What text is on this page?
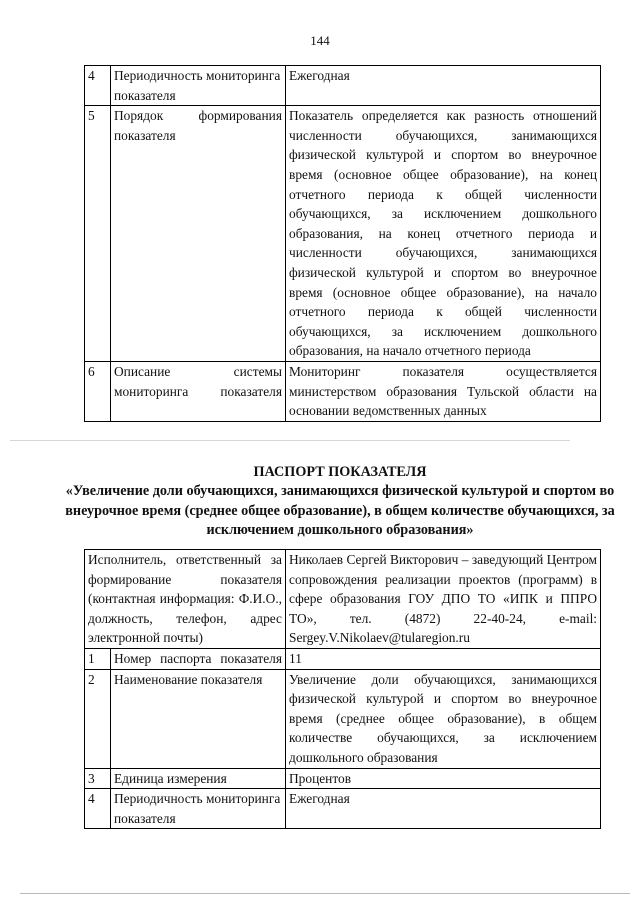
144
4	Периодичность мониторинга показателя	Ежегодная
5	Порядок формирования показателя	Показатель определяется как разность отношений численности обучающихся, занимающихся физической культурой и спортом во внеурочное время (основное общее образование), на конец отчетного периода к общей численности обучающихся, за исключением дошкольного образования, на конец отчетного периода и численности обучающихся, занимающихся физической культурой и спортом во внеурочное время (основное общее образование), на начало отчетного периода к общей численности обучающихся, за исключением дошкольного образования, на начало отчетного периода
6	Описание системы мониторинга показателя	Мониторинг показателя осуществляется министерством образования Тульской области на основании ведомственных данных
ПАСПОРТ ПОКАЗАТЕЛЯ
«Увеличение доли обучающихся, занимающихся физической культурой и спортом во внеурочное время (среднее общее образование), в общем количестве обучающихся, за исключением дошкольного образования»
Исполнитель, ответственный за формирование показателя (контактная информация: Ф.И.О., должность, телефон, адрес электронной почты)		Николаев Сергей Викторович – заведующий Центром сопровождения реализации проектов (программ) в сфере образования ГОУ ДПО ТО «ИПК и ППРО ТО», тел. (4872) 22-40-24, e-mail: Sergey.V.Nikolaev@tularegion.ru
1	Номер паспорта показателя	11
2	Наименование показателя	Увеличение доли обучающихся, занимающихся физической культурой и спортом во внеурочное время (среднее общее образование), в общем количестве обучающихся, за исключением дошкольного образования
3	Единица измерения	Процентов
4	Периодичность мониторинга показателя	Ежегодная
